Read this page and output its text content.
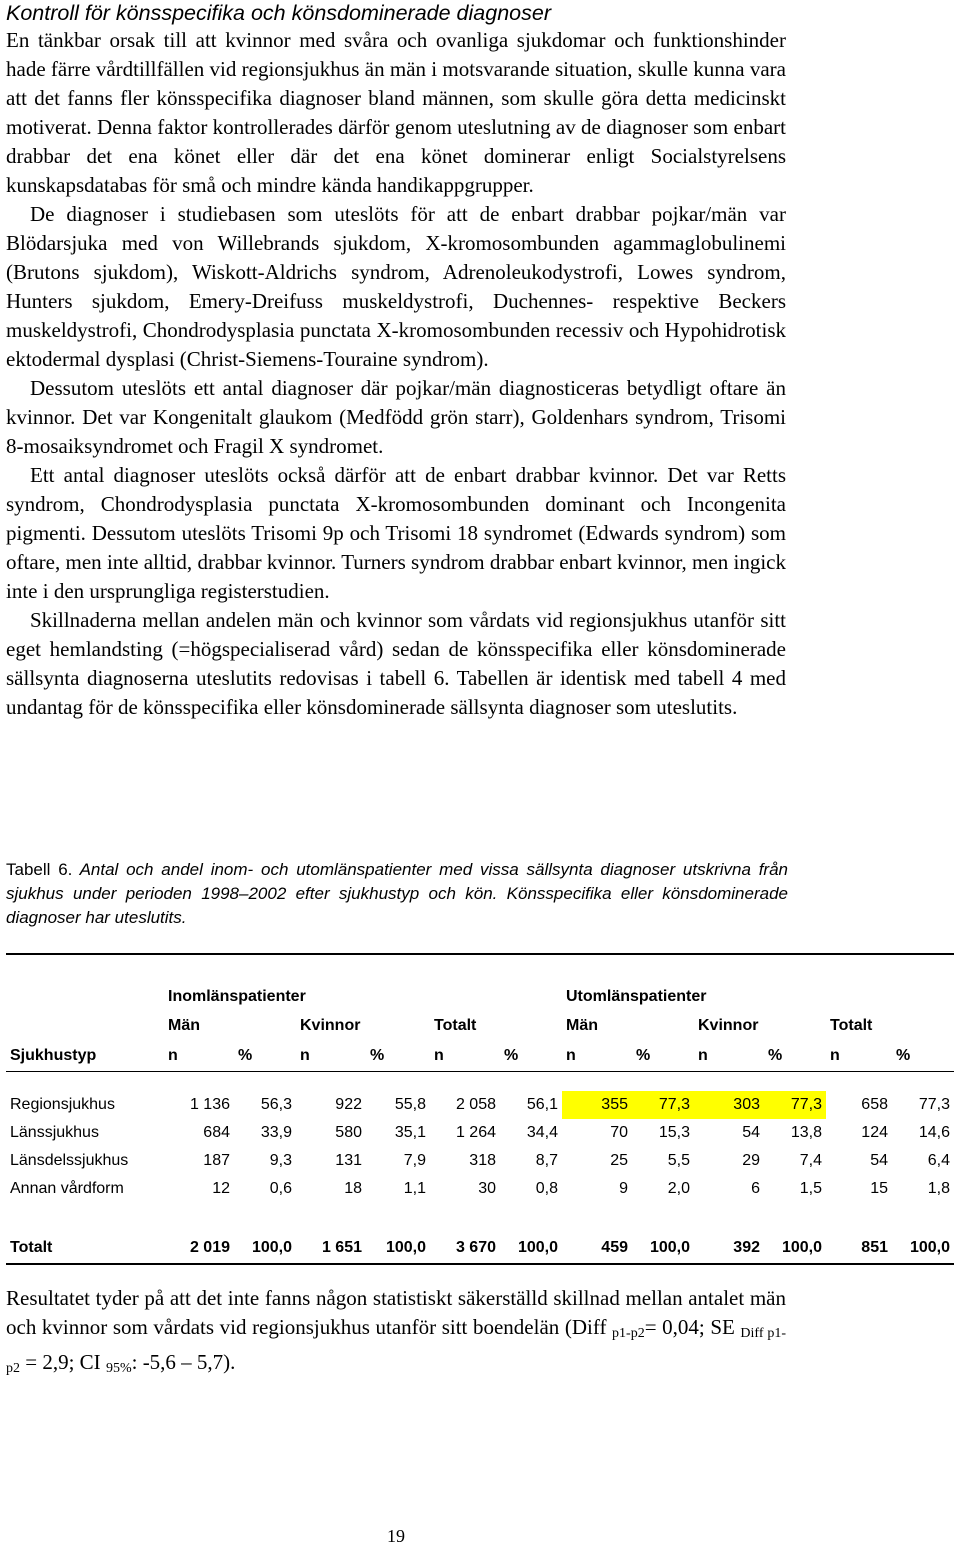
Kontroll för könsspecifika och könsdominerade diagnoser

En tänkbar orsak till att kvinnor med svåra och ovanliga sjukdomar och funktionshinder hade färre vårdtillfällen vid regionsjukhus än män i motsvarande situation, skulle kunna vara att det fanns fler könsspecifika diagnoser bland männen, som skulle göra detta medicinskt motiverat. Denna faktor kontrollerades därför genom uteslutning av de diagnoser som enbart drabbar det ena könet eller där det ena könet dominerar enligt Socialstyrelsens kunskapsdatabas för små och mindre kända handikappgrupper.

De diagnoser i studiebasen som uteslöts för att de enbart drabbar pojkar/män var Blödarsjuka med von Willebrands sjukdom, X-kromosombunden agammaglobulinemi (Brutons sjukdom), Wiskott-Aldrichs syndrom, Adrenoleukodystrofi, Lowes syndrom, Hunters sjukdom, Emery-Dreifuss muskeldystrofi, Duchennes- respektive Beckers muskeldystrofi, Chondrodysplasia punctata X-kromosombunden recessiv och Hypohidrotisk ektodermal dysplasi (Christ-Siemens-Touraine syndrom).

Dessutom uteslöts ett antal diagnoser där pojkar/män diagnosticeras betydligt oftare än kvinnor. Det var Kongenitalt glaukom (Medfödd grön starr), Goldenhars syndrom, Trisomi 8-mosaiksyndromet och Fragil X syndromet.

Ett antal diagnoser uteslöts också därför att de enbart drabbar kvinnor. Det var Retts syndrom, Chondrodysplasia punctata X-kromosombunden dominant och Incongenita pigmenti. Dessutom uteslöts Trisomi 9p och Trisomi 18 syndromet (Edwards syndrom) som oftare, men inte alltid, drabbar kvinnor. Turners syndrom drabbar enbart kvinnor, men ingick inte i den ursprungliga registerstudien.

Skillnaderna mellan andelen män och kvinnor som vårdats vid regionsjukhus utanför sitt eget hemlandsting (=högspecialiserad vård) sedan de könsspecifika eller könsdominerade sällsynta diagnoserna uteslutits redovisas i tabell 6. Tabellen är identisk med tabell 4 med undantag för de könsspecifika eller könsdominerade sällsynta diagnoser som uteslutits.

Tabell 6. Antal och andel inom- och utomlänspatienter med vissa sällsynta diagnoser utskrivna från sjukhus under perioden 1998–2002 efter sjukhustyp och kön. Könsspecifika eller könsdominerade diagnoser har uteslutits.

	Inomlänspatienter						Utomlänspatienter					
	Män		Kvinnor		Totalt		Män		Kvinnor		Totalt	
Sjukhustyp	n	%	n	%	n	%	n	%	n	%	n	%

Regionsjukhus	1 136	56,3	922	55,8	2 058	56,1	355	77,3	303	77,3	658	77,3
Länssjukhus	684	33,9	580	35,1	1 264	34,4	70	15,3	54	13,8	124	14,6
Länsdelssjukhus	187	9,3	131	7,9	318	8,7	25	5,5	29	7,4	54	6,4
Annan vårdform	12	0,6	18	1,1	30	0,8	9	2,0	6	1,5	15	1,8

Totalt	2 019	100,0	1 651	100,0	3 670	100,0	459	100,0	392	100,0	851	100,0
Resultatet tyder på att det inte fanns någon statistiskt säkerställd skillnad mellan antalet män och kvinnor som vårdats vid regionsjukhus utanför sitt boendelän (Diff $_{p1-p2}$= 0,04; SE $_{Diff p1-p2}$ = 2,9; CI $_{95\%}$: -5,6 – 5,7).
19
